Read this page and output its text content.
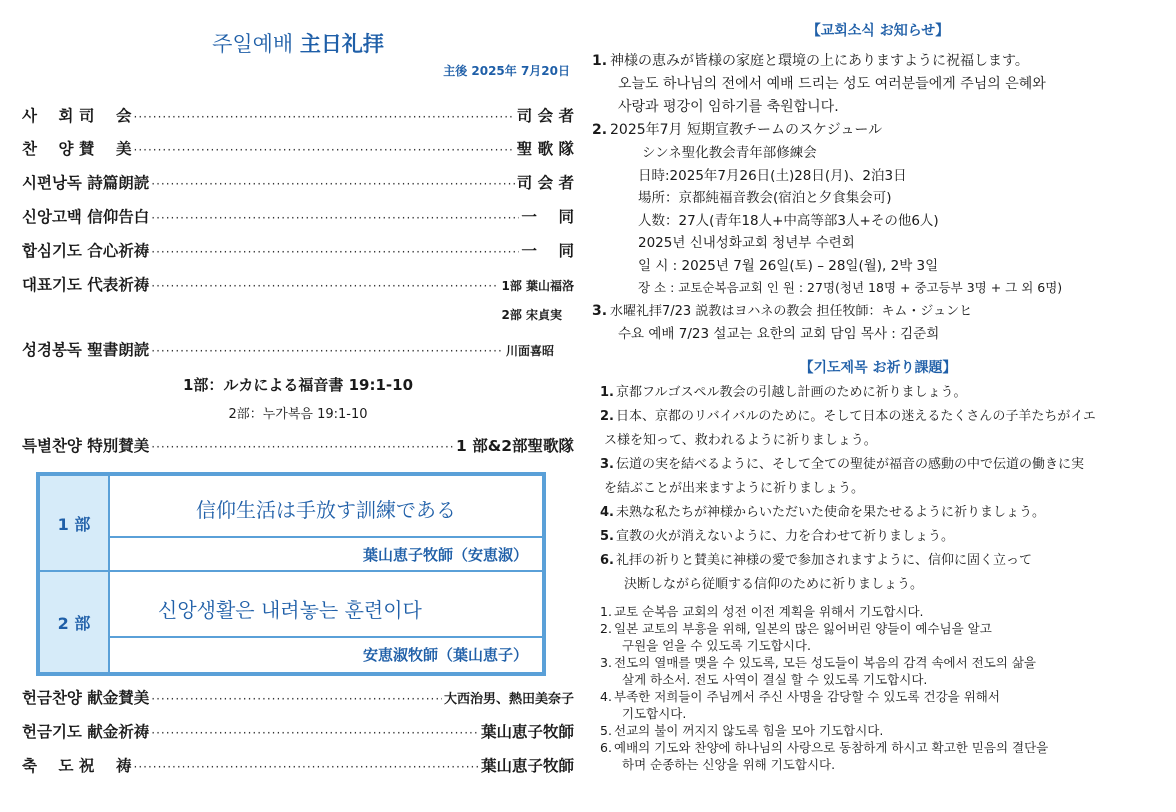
주일예배 主日礼拝
主後 2025年 7月20日
사    회 司    会 ·····	司 会 者
찬    양 賛    美 ·····	聖 歌 隊
시편낭독 詩篇朗読 ·····	司 会 者
신앙고백 信仰告白 ·····	一    同
합심기도 合心祈祷 ·····	一    同
대표기도 代表祈祷 ·····	1部 葉山福洛
2部 宋貞実
성경봉독 聖書朗読 ·····	川面喜昭
1部：ルカによる福音書 19:1-10
2部：누가복음 19:1-10
특별찬양 特別賛美 ·····	1 部&2部聖歌隊
1 部
信仰生活は手放す訓練である
葉山恵子牧師（安恵淑）
2 部
신앙생활은 내려놓는 훈련이다
安恵淑牧師（葉山恵子）
헌금찬양 献金賛美 ·····	大西治男、熱田美奈子
헌금기도 献金祈祷 ·····	葉山恵子牧師
축    도 祝    祷 ·····	葉山恵子牧師
【교회소식 お知らせ】
1. 神様の恵みが皆様の家庭と環境の上にありますように祝福します。
오늘도 하나님의 전에서 예배 드리는 성도 여러분들에게 주님의 은혜와
사랑과 평강이 임하기를 축원합니다.
2. 2025年7月 短期宣教チームのスケジュール
シンネ聖化教会青年部修練会
日時:2025年7月26日(土)28日(月)、2泊3日
場所：京都純福音教会(宿泊と夕食集会可)
人数：27人(青年18人+中高等部3人+その他6人)
2025년 신내성화교회 청년부 수련회
일 시 : 2025년 7월 26일(토) – 28일(월), 2박 3일
장 소 : 교토순복음교회 인 원 : 27명(청년 18명 + 중고등부 3명 + 그 외 6명)
3. 水曜礼拝7/23 説教はヨハネの教会 担任牧師：キム・ジュンヒ
수요 예배 7/23 설교는 요한의 교회 담임 목사 : 김준희
【기도제목 お祈り課題】
1. 京都フルゴスペル教会の引越し計画のために祈りましょう。
2. 日本、京都のリバイバルのために。そして日本の迷えるたくさんの子羊たちがイエ
ス様を知って、救われるように祈りましょう。
3. 伝道の実を結べるように、そして全ての聖徒が福音の感動の中で伝道の働きに実
を結ぶことが出来ますように祈りましょう。
4. 未熟な私たちが神様からいただいた使命を果たせるように祈りましょう。
5. 宣教の火が消えないように、力を合わせて祈りましょう。
6. 礼拝の祈りと賛美に神様の愛で参加されますように、信仰に固く立って
決断しながら従順する信仰のために祈りましょう。
1. 교토 순복음 교회의 성전 이전 계획을 위해서 기도합시다.
2. 일본 교토의 부흥을 위해, 일본의 많은 잃어버린 양들이 예수님을 알고
구원을 얻을 수 있도록 기도합시다.
3. 전도의 열매를 맺을 수 있도록, 모든 성도들이 복음의 감격 속에서 전도의 삶을
살게 하소서. 전도 사역이 결실 할 수 있도록 기도합시다.
4. 부족한 저희들이 주님께서 주신 사명을 감당할 수 있도록 건강을 위해서
기도합시다.
5. 선교의 불이 꺼지지 않도록 힘을 모아 기도합시다.
6. 예배의 기도와 찬양에 하나님의 사랑으로 동참하게 하시고 확고한 믿음의 결단을
하며 순종하는 신앙을 위해 기도합시다.
